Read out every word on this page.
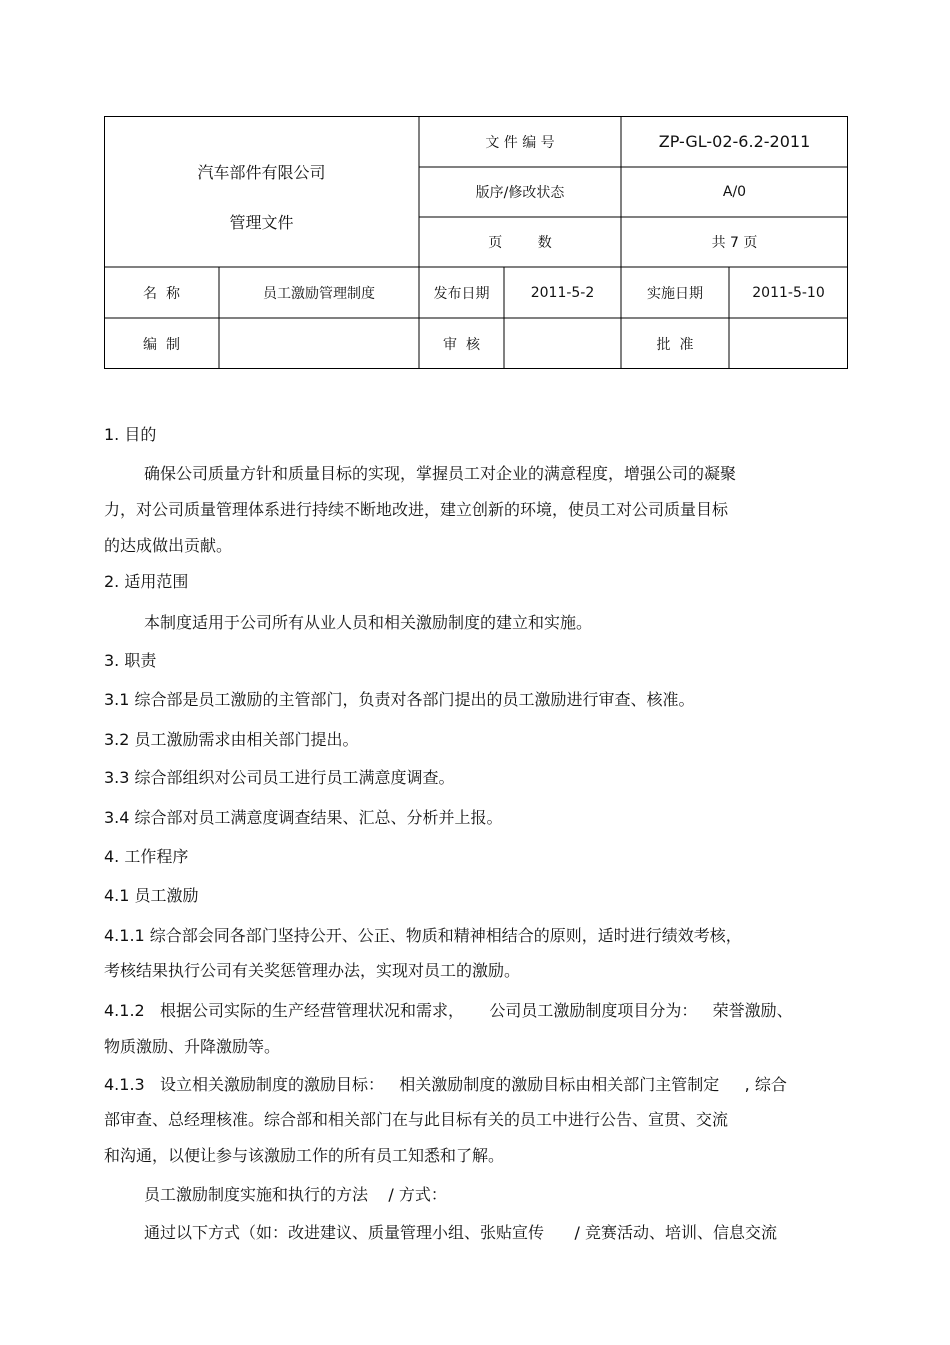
汽车部件有限公司
管理文件
文 件 编 号	ZP-GL-02-6.2-2011
版序/修改状态	A/0
页        数	共 7 页
名  称	员工激励管理制度	发布日期	2011-5-2	实施日期	2011-5-10
编  制	审  核	批  准
1. 目的
确保公司质量方针和质量目标的实现，掌握员工对企业的满意程度，增强公司的凝聚
力，对公司质量管理体系进行持续不断地改进，建立创新的环境，使员工对公司质量目标
的达成做出贡献。
2. 适用范围
本制度适用于公司所有从业人员和相关激励制度的建立和实施。
3. 职责
3.1 综合部是员工激励的主管部门，负责对各部门提出的员工激励进行审查、核准。
3.2 员工激励需求由相关部门提出。
3.3 综合部组织对公司员工进行员工满意度调查。
3.4 综合部对员工满意度调查结果、汇总、分析并上报。
4. 工作程序
4.1 员工激励
4.1.1 综合部会同各部门坚持公开、公正、物质和精神相结合的原则，适时进行绩效考核，
考核结果执行公司有关奖惩管理办法，实现对员工的激励。
4.1.2   根据公司实际的生产经营管理状况和需求，     公司员工激励制度项目分为：   荣誉激励、
物质激励、升降激励等。
4.1.3   设立相关激励制度的激励目标：   相关激励制度的激励目标由相关部门主管制定     , 综合
部审查、总经理核准。综合部和相关部门在与此目标有关的员工中进行公告、宣贯、交流
和沟通，以便让参与该激励工作的所有员工知悉和了解。
员工激励制度实施和执行的方法    / 方式：
通过以下方式（如：改进建议、质量管理小组、张贴宣传      / 竞赛活动、培训、信息交流
